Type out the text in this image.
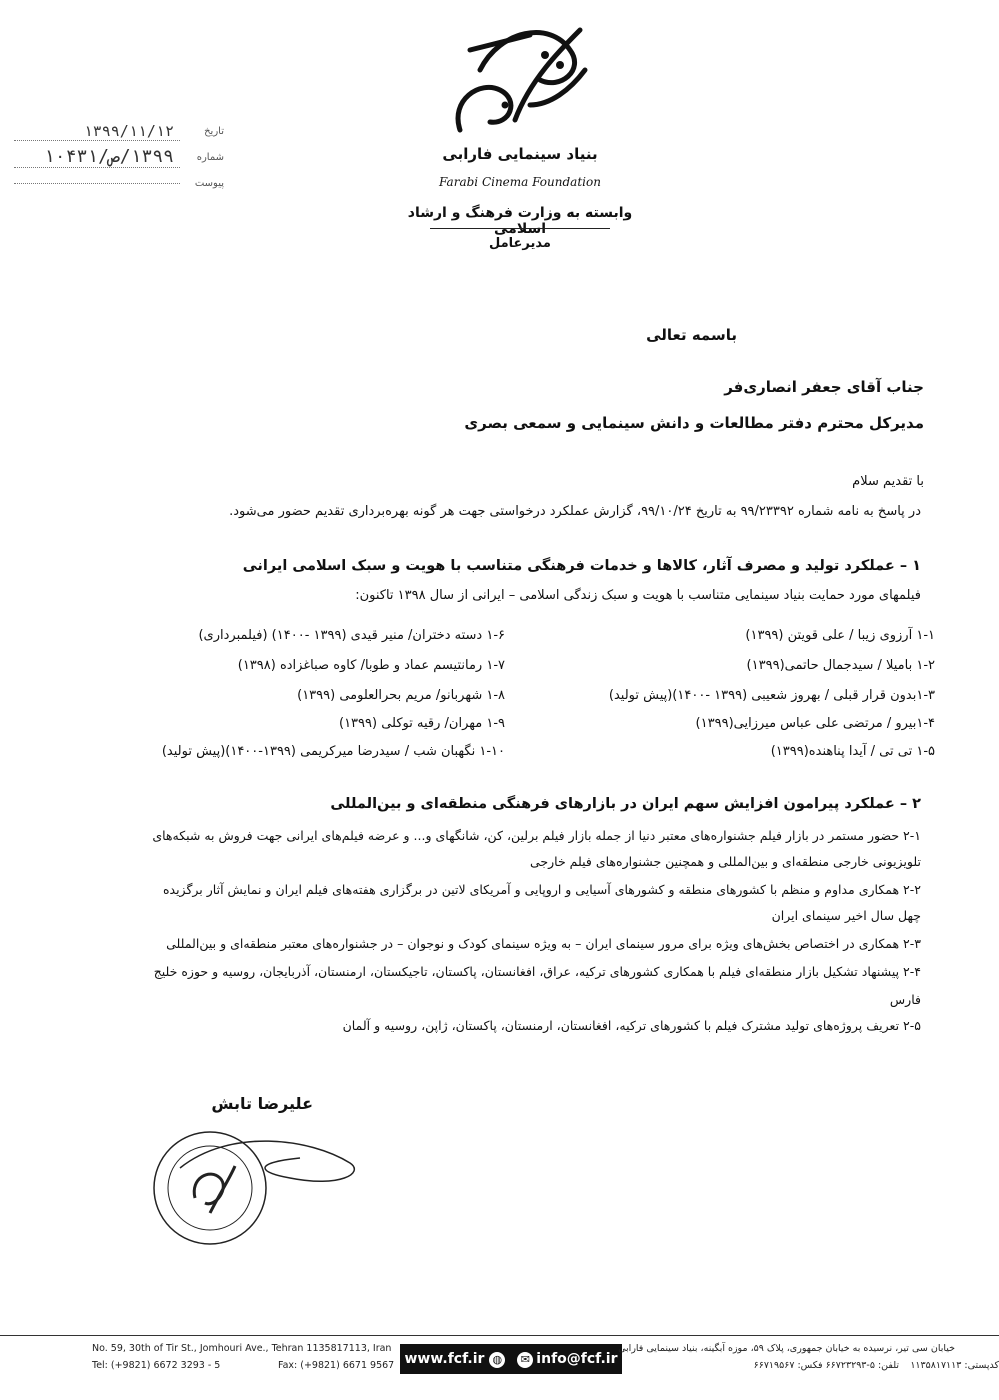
تاریخ
۱۳۹۹/۱۱/۱۲
شماره
۱۳۹۹/ص/۱۰۴۳۱
پیوست
بنیاد سینمایی فارابی
Farabi Cinema Foundation
وابسته به وزارت فرهنگ و ارشاد اسلامی
مدیرعامل
باسمه تعالی
جناب آقای جعفر انصاری‌فر
مدیرکل محترم دفتر مطالعات و دانش سینمایی و سمعی بصری
با تقدیم سلام
در پاسخ به نامه شماره ۹۹/۲۳۳۹۲ به تاریخ ۹۹/۱۰/۲۴، گزارش عملکرد درخواستی جهت هر گونه بهره‌برداری تقدیم حضور می‌شود.
۱ – عملکرد تولید و مصرف آثار، کالاها و خدمات فرهنگی متناسب با هویت و سبک اسلامی ایرانی
فیلمهای مورد حمایت بنیاد سینمایی متناسب با هویت و سبک زندگی اسلامی – ایرانی از سال ۱۳۹۸ تاکنون:
۱-۱ آرزوی زیبا / علی قویتن (۱۳۹۹)
۱-۲ بامیلا / سیدجمال حاتمی(۱۳۹۹)
۱-۳بدون قرار قبلی / بهروز شعیبی (۱۳۹۹ -۱۴۰۰)(پیش تولید)
۱-۴بیرو / مرتضی علی عباس میرزایی(۱۳۹۹)
۱-۵ تی تی / آیدا پناهنده(۱۳۹۹)
۱-۶ دسته دختران/ منیر قیدی (۱۳۹۹ -۱۴۰۰) (فیلمبرداری)
۱-۷ رمانتیسم عماد و طوبا/ کاوه صباغزاده (۱۳۹۸)
۱-۸ شهربانو/ مریم بحرالعلومی (۱۳۹۹)
۱-۹ مهران/ رقیه توکلی (۱۳۹۹)
۱-۱۰ نگهبان شب / سیدرضا میرکریمی (۱۳۹۹-۱۴۰۰)(پیش تولید)
۲ – عملکرد پیرامون افزایش سهم ایران در بازارهای فرهنگی منطقه‌ای و بین‌المللی
۲-۱ حضور مستمر در بازار فیلم جشنواره‌های معتبر دنیا از جمله بازار فیلم برلین، کن، شانگهای و... و عرضه فیلم‌های ایرانی جهت فروش به شبکه‌های
تلویزیونی خارجی منطقه‌ای و بین‌المللی و همچنین جشنواره‌های فیلم خارجی
۲-۲ همکاری مداوم و منظم با کشورهای منطقه و کشورهای آسیایی و اروپایی و آمریکای لاتین در برگزاری هفته‌های فیلم ایران و نمایش آثار برگزیده
چهل سال اخیر سینمای ایران
۲-۳ همکاری در اختصاص بخش‌های ویژه برای مرور سینمای ایران – به ویژه سینمای کودک و نوجوان – در جشنواره‌های معتبر منطقه‌ای و بین‌المللی
۲-۴ پیشنهاد تشکیل بازار منطقه‌ای فیلم با همکاری کشورهای ترکیه، عراق، افغانستان، پاکستان، تاجیکستان، ارمنستان، آذربایجان، روسیه و حوزه خلیج
فارس
۲-۵ تعریف پروژه‌های تولید مشترک فیلم با کشورهای ترکیه، افغانستان، ارمنستان، پاکستان، ژاپن، روسیه و آلمان
علیرضا تابش
No. 59, 30th of Tir St., Jomhouri Ave., Tehran 1135817113, Iran
Tel: (+9821) 6672 3293 - 5	Fax: (+9821) 6671 9567 www.fcf.ir ◍	✉ info@fcf.ir
خیابان سی تیر، نرسیده به خیابان جمهوری، پلاک ۵۹، موزه آبگینه، بنیاد سینمایی فارابی
تلفن: ۵-۶۶۷۲۳۲۹۳ فکس: ۶۶۷۱۹۵۶۷ کدپستی: ۱۱۳۵۸۱۷۱۱۳
